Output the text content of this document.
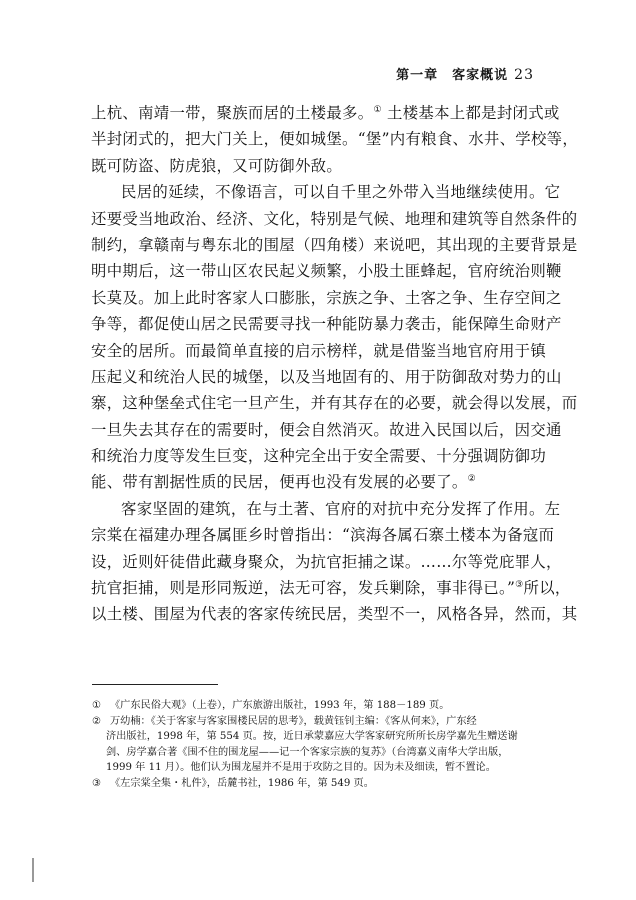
第一章　客家概说 23
上杭、南靖一带，聚族而居的土楼最多。① 土楼基本上都是封闭式或
半封闭式的，把大门关上，便如城堡。“堡”内有粮食、水井、学校等，
既可防盗、防虎狼，又可防御外敌。
民居的延续，不像语言，可以自千里之外带入当地继续使用。它
还要受当地政治、经济、文化，特别是气候、地理和建筑等自然条件的
制约，拿赣南与粤东北的围屋（四角楼）来说吧，其出现的主要背景是
明中期后，这一带山区农民起义频繁，小股土匪蜂起，官府统治则鞭
长莫及。加上此时客家人口膨胀，宗族之争、土客之争、生存空间之
争等，都促使山居之民需要寻找一种能防暴力袭击，能保障生命财产
安全的居所。而最简单直接的启示榜样，就是借鉴当地官府用于镇
压起义和统治人民的城堡，以及当地固有的、用于防御敌对势力的山
寨，这种堡垒式住宅一旦产生，并有其存在的必要，就会得以发展，而
一旦失去其存在的需要时，便会自然消灭。故进入民国以后，因交通
和统治力度等发生巨变，这种完全出于安全需要、十分强调防御功
能、带有割据性质的民居，便再也没有发展的必要了。②
客家坚固的建筑，在与土著、官府的对抗中充分发挥了作用。左
宗棠在福建办理各属匪乡时曾指出：“滨海各属石寨土楼本为备寇而
设，近则奸徒借此藏身聚众，为抗官拒捕之谋。……尔等党庇罪人，
抗官拒捕，则是形同叛逆，法无可容，发兵剿除，事非得已。”③所以，
以土楼、围屋为代表的客家传统民居，类型不一，风格各异，然而，其
① 《广东民俗大观》（上卷），广东旅游出版社，1993 年，第 188－189 页。
② 万幼楠：《关于客家与客家围楼民居的思考》，载黄钰钊主编：《客从何来》，广东经
济出版社，1998 年，第 554 页。按，近日承蒙嘉应大学客家研究所所长房学嘉先生赠送谢
剑、房学嘉合著《围不住的围龙屋——记一个客家宗族的复苏》（台湾嘉义南华大学出版，
1999 年 11 月）。他们认为围龙屋并不是用于攻防之目的。因为未及细读，暂不置论。
③ 《左宗棠全集・札件》，岳麓书社，1986 年，第 549 页。
